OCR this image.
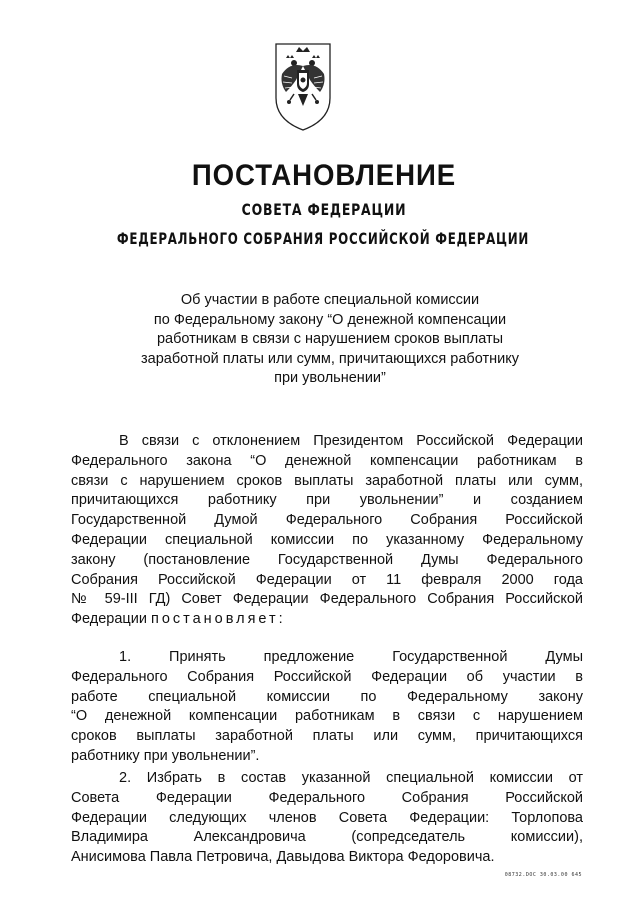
ПОСТАНОВЛЕНИЕ
СОВЕТА ФЕДЕРАЦИИ
ФЕДЕРАЛЬНОГО СОБРАНИЯ РОССИЙСКОЙ ФЕДЕРАЦИИ
Об участии в работе специальной комиссии
по Федеральному закону “О денежной компенсации
работникам в связи с нарушением сроков выплаты
заработной платы или сумм, причитающихся работнику
при увольнении”
В связи с отклонением Президентом Российской Федерации
Федерального закона “О денежной компенсации работникам в
связи с нарушением сроков выплаты заработной платы или сумм,
причитающихся работнику при увольнении” и созданием
Государственной Думой Федерального Собрания Российской
Федерации специальной комиссии по указанному Федеральному
закону (постановление Государственной Думы Федерального
Собрания Российской Федерации от 11 февраля 2000 года
№ 59-III ГД) Совет Федерации Федерального Собрания Российской
Федерации постановляет:
1. Принять предложение Государственной Думы
Федерального Собрания Российской Федерации об участии в
работе специальной комиссии по Федеральному закону
“О денежной компенсации работникам в связи с нарушением
сроков выплаты заработной платы или сумм, причитающихся
работнику при увольнении”.
2. Избрать в состав указанной специальной комиссии от
Совета Федерации Федерального Собрания Российской
Федерации следующих членов Совета Федерации: Торлопова
Владимира Александровича (сопредседатель комиссии),
Анисимова Павла Петровича, Давыдова Виктора Федоровича.
08732.DOC 30.03.00 645
